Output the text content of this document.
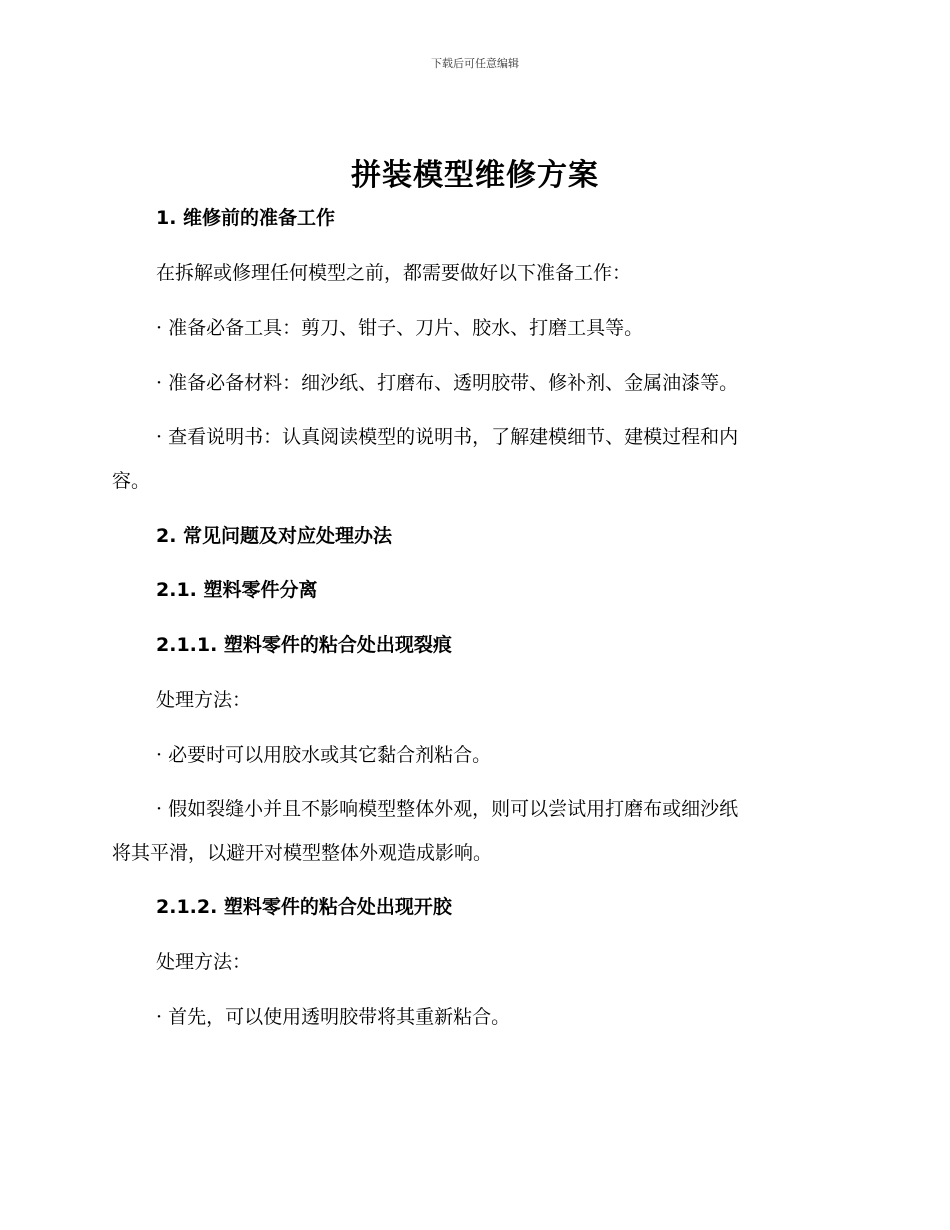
下载后可任意编辑
拼装模型维修方案
1. 维修前的准备工作
在拆解或修理任何模型之前，都需要做好以下准备工作：
· 准备必备工具：剪刀、钳子、刀片、胶水、打磨工具等。
· 准备必备材料：细沙纸、打磨布、透明胶带、修补剂、金属油漆等。
· 查看说明书：认真阅读模型的说明书，了解建模细节、建模过程和内
容。
2. 常见问题及对应处理办法
2.1. 塑料零件分离
2.1.1. 塑料零件的粘合处出现裂痕
处理方法：
· 必要时可以用胶水或其它黏合剂粘合。
· 假如裂缝小并且不影响模型整体外观，则可以尝试用打磨布或细沙纸
将其平滑，以避开对模型整体外观造成影响。
2.1.2. 塑料零件的粘合处出现开胶
处理方法：
· 首先，可以使用透明胶带将其重新粘合。
